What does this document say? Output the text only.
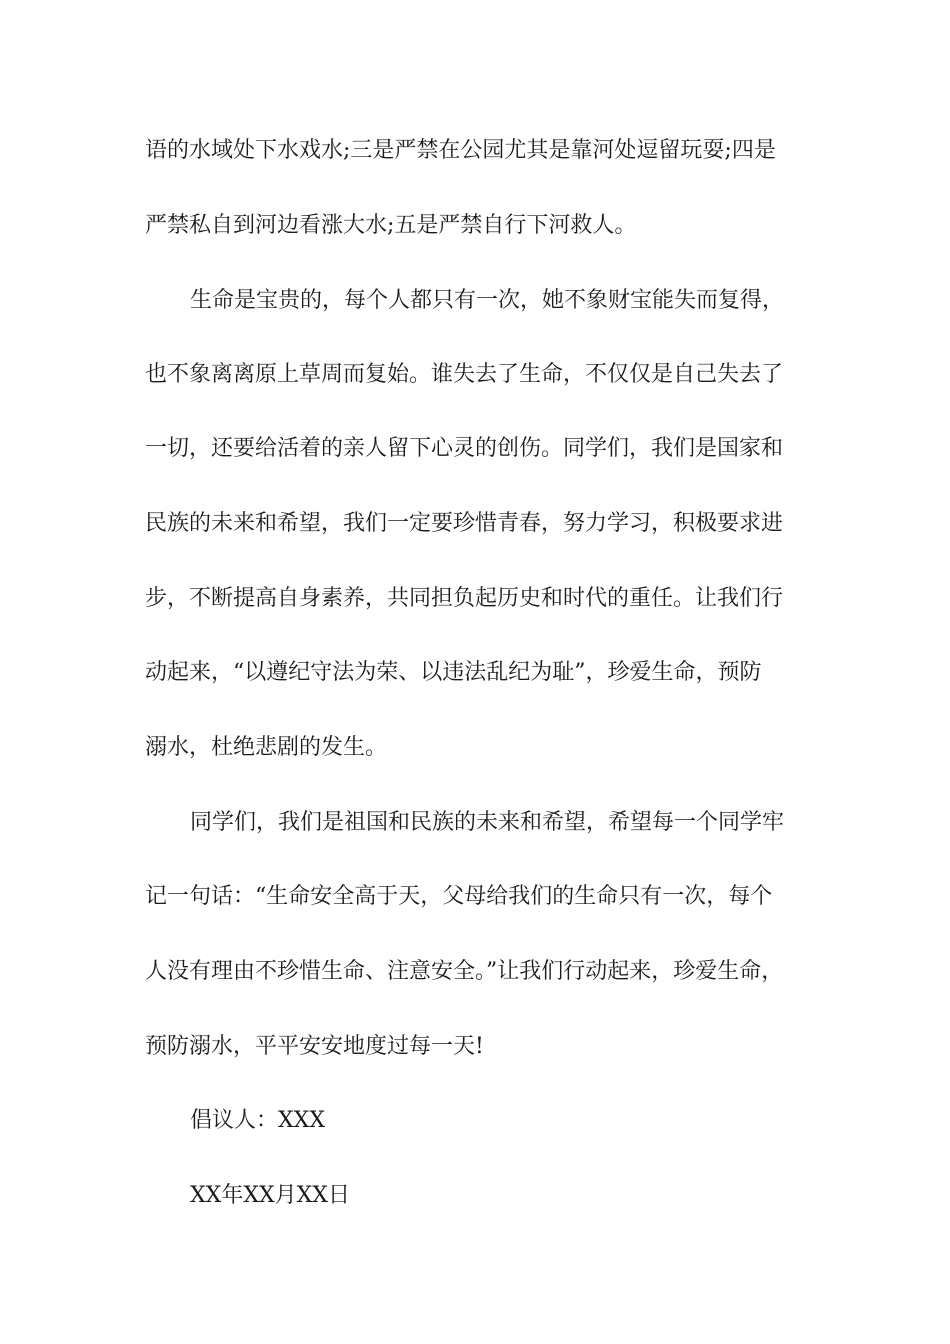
语的水域处下水戏水;三是严禁在公园尤其是靠河处逗留玩耍;四是
严禁私自到河边看涨大水;五是严禁自行下河救人。
生命是宝贵的，每个人都只有一次，她不象财宝能失而复得，
也不象离离原上草周而复始。谁失去了生命，不仅仅是自己失去了
一切，还要给活着的亲人留下心灵的创伤。同学们，我们是国家和
民族的未来和希望，我们一定要珍惜青春，努力学习，积极要求进
步，不断提高自身素养，共同担负起历史和时代的重任。让我们行
动起来，“以遵纪守法为荣、以违法乱纪为耻”，珍爱生命，预防
溺水，杜绝悲剧的发生。
同学们，我们是祖国和民族的未来和希望，希望每一个同学牢
记一句话：“生命安全高于天，父母给我们的生命只有一次，每个
人没有理由不珍惜生命、注意安全。”让我们行动起来，珍爱生命，
预防溺水，平平安安地度过每一天!
倡议人：XXX
XX年XX月XX日
